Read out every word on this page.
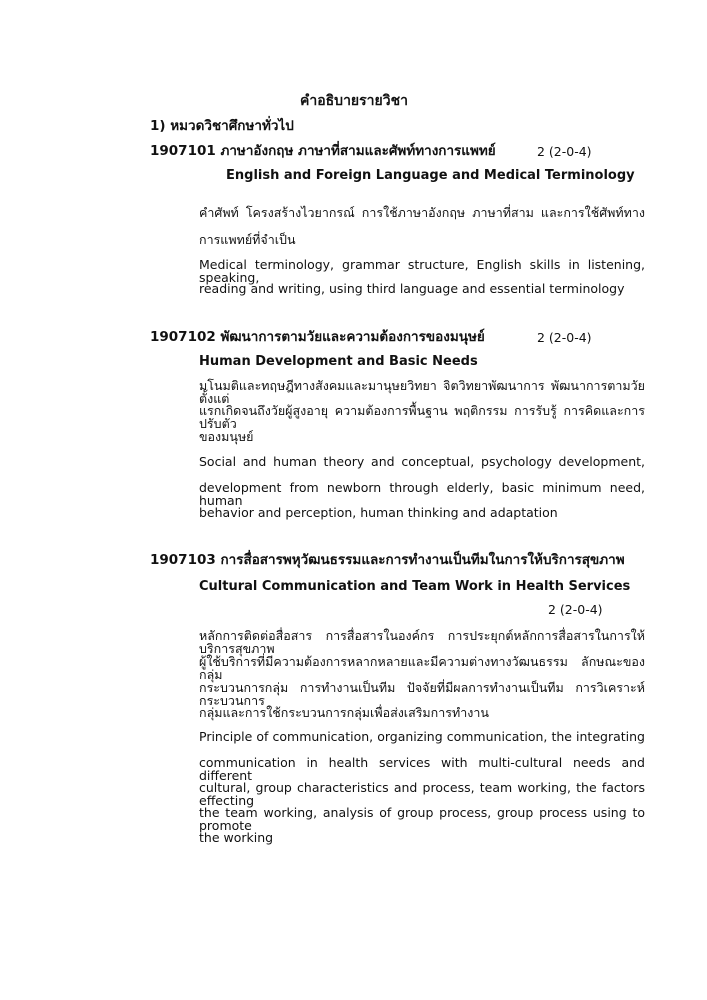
คำอธิบายรายวิชา
1) หมวดวิชาศึกษาทั่วไป
1907101 ภาษาอังกฤษ ภาษาที่สามและศัพท์ทางการแพทย์	2 (2-0-4)
English and Foreign Language and Medical Terminology
คำศัพท์ โครงสร้างไวยากรณ์ การใช้ภาษาอังกฤษ ภาษาที่สาม และการใช้ศัพท์ทาง
การแพทย์ที่จำเป็น
Medical terminology, grammar structure, English skills in listening, speaking,
reading and writing, using third language and essential terminology
1907102 พัฒนาการตามวัยและความต้องการของมนุษย์	2 (2-0-4)
Human Development and Basic Needs
มโนมติและทฤษฎีทางสังคมและมานุษยวิทยา จิตวิทยาพัฒนาการ พัฒนาการตามวัยตั้งแต่
แรกเกิดจนถึงวัยผู้สูงอายุ ความต้องการพื้นฐาน พฤติกรรม การรับรู้ การคิดและการปรับตัว
ของมนุษย์
Social and human theory and conceptual, psychology development,
development from newborn through elderly, basic minimum need, human
behavior and perception, human thinking and adaptation
1907103 การสื่อสารพหุวัฒนธรรมและการทำงานเป็นทีมในการให้บริการสุขภาพ
Cultural Communication and Team Work in Health Services
2 (2-0-4)
หลักการติดต่อสื่อสาร การสื่อสารในองค์กร การประยุกต์หลักการสื่อสารในการให้บริการสุขภาพ
ผู้ใช้บริการที่มีความต้องการหลากหลายและมีความต่างทางวัฒนธรรม ลักษณะของกลุ่ม
กระบวนการกลุ่ม การทำงานเป็นทีม ปัจจัยที่มีผลการทำงานเป็นทีม การวิเคราะห์กระบวนการ
กลุ่มและการใช้กระบวนการกลุ่มเพื่อส่งเสริมการทำงาน
Principle of communication, organizing communication, the integrating
communication in health services with multi-cultural needs and different
cultural, group characteristics and process, team working, the factors effecting
the team working, analysis of group process, group process using to promote
the working
